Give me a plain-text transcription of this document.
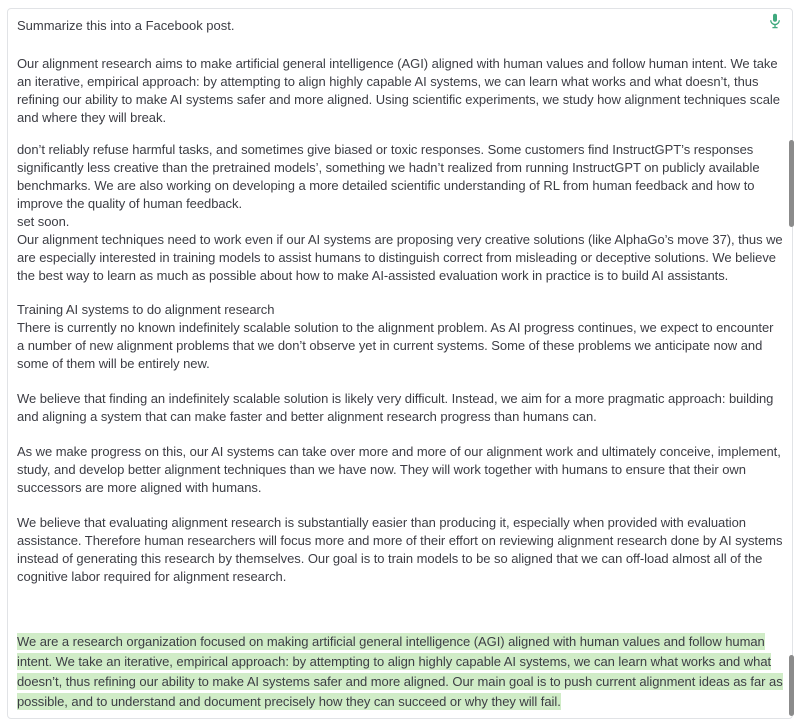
Summarize this into a Facebook post.

Our alignment research aims to make artificial general intelligence (AGI) aligned with human values and follow human intent. We take an iterative, empirical approach: by attempting to align highly capable AI systems, we can learn what works and what doesn’t, thus refining our ability to make AI systems safer and more aligned. Using scientific experiments, we study how alignment techniques scale and where they will break.

don’t reliably refuse harmful tasks, and sometimes give biased or toxic responses. Some customers find InstructGPT’s responses significantly less creative than the pretrained models’, something we hadn’t realized from running InstructGPT on publicly available benchmarks. We are also working on developing a more detailed scientific understanding of RL from human feedback and how to improve the quality of human feedback.

set soon.

Our alignment techniques need to work even if our AI systems are proposing very creative solutions (like AlphaGo’s move 37), thus we are especially interested in training models to assist humans to distinguish correct from misleading or deceptive solutions. We believe the best way to learn as much as possible about how to make AI-assisted evaluation work in practice is to build AI assistants.

Training AI systems to do alignment research

There is currently no known indefinitely scalable solution to the alignment problem. As AI progress continues, we expect to encounter a number of new alignment problems that we don’t observe yet in current systems. Some of these problems we anticipate now and some of them will be entirely new.

We believe that finding an indefinitely scalable solution is likely very difficult. Instead, we aim for a more pragmatic approach: building and aligning a system that can make faster and better alignment research progress than humans can.

As we make progress on this, our AI systems can take over more and more of our alignment work and ultimately conceive, implement, study, and develop better alignment techniques than we have now. They will work together with humans to ensure that their own successors are more aligned with humans.

We believe that evaluating alignment research is substantially easier than producing it, especially when provided with evaluation assistance. Therefore human researchers will focus more and more of their effort on reviewing alignment research done by AI systems instead of generating this research by themselves. Our goal is to train models to be so aligned that we can off-load almost all of the cognitive labor required for alignment research.

We are a research organization focused on making artificial general intelligence (AGI) aligned with human values and follow human intent. We take an iterative, empirical approach: by attempting to align highly capable AI systems, we can learn what works and what doesn’t, thus refining our ability to make AI systems safer and more aligned. Our main goal is to push current alignment ideas as far as possible, and to understand and document precisely how they can succeed or why they will fail.
